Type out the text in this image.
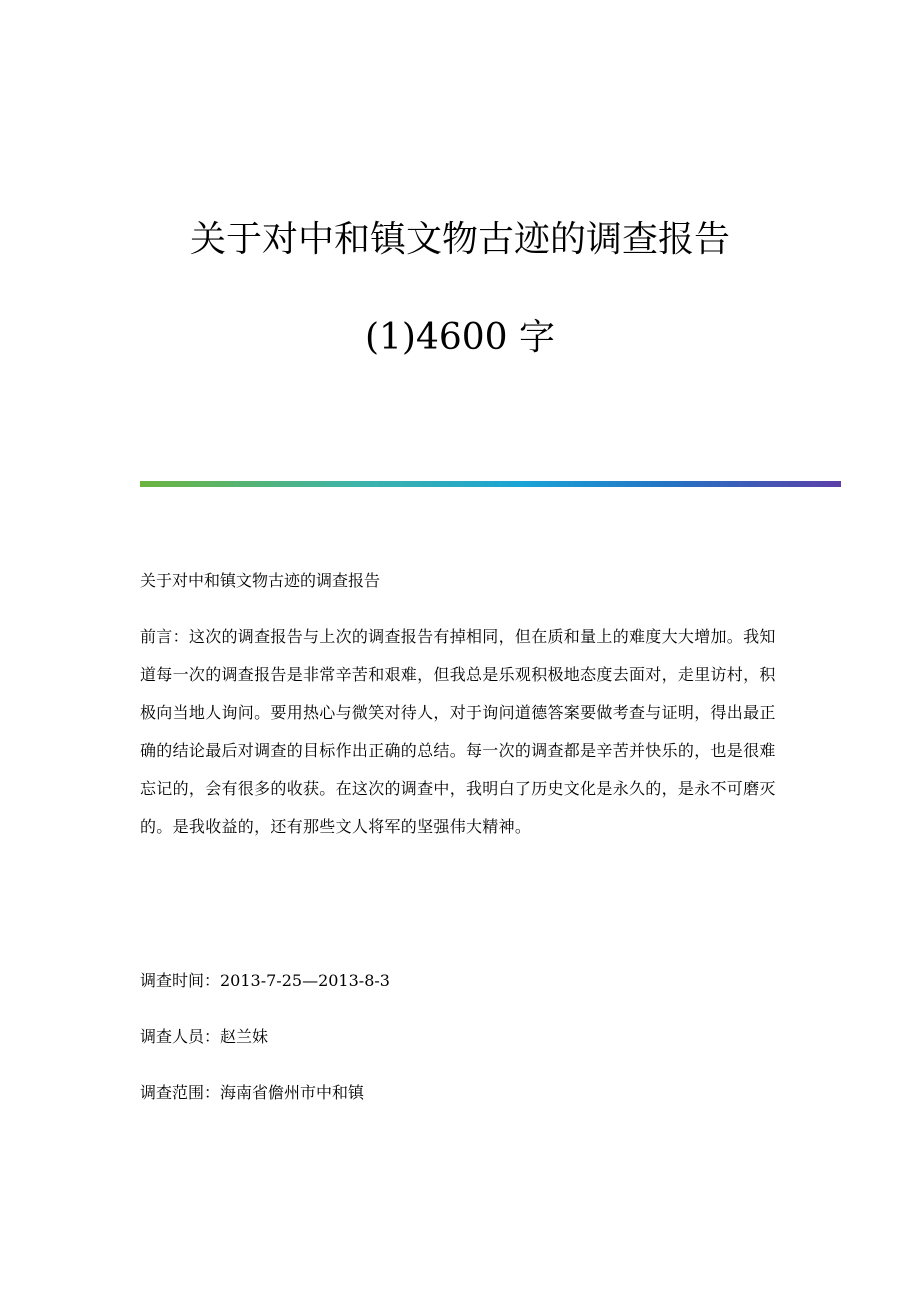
关于对中和镇文物古迹的调查报告
(1)4600 字

关于对中和镇文物古迹的调查报告

前言：这次的调查报告与上次的调查报告有掉相同，但在质和量上的难度大大增加。我知道每一次的调查报告是非常辛苦和艰难，但我总是乐观积极地态度去面对，走里访村，积极向当地人询问。要用热心与微笑对待人，对于询问道德答案要做考查与证明，得出最正确的结论最后对调查的目标作出正确的总结。每一次的调查都是辛苦并快乐的，也是很难忘记的，会有很多的收获。在这次的调查中，我明白了历史文化是永久的，是永不可磨灭的。是我收益的，还有那些文人将军的坚强伟大精神。

调查时间：2013-7-25—2013-8-3

调查人员：赵兰妹

调查范围：海南省儋州市中和镇
